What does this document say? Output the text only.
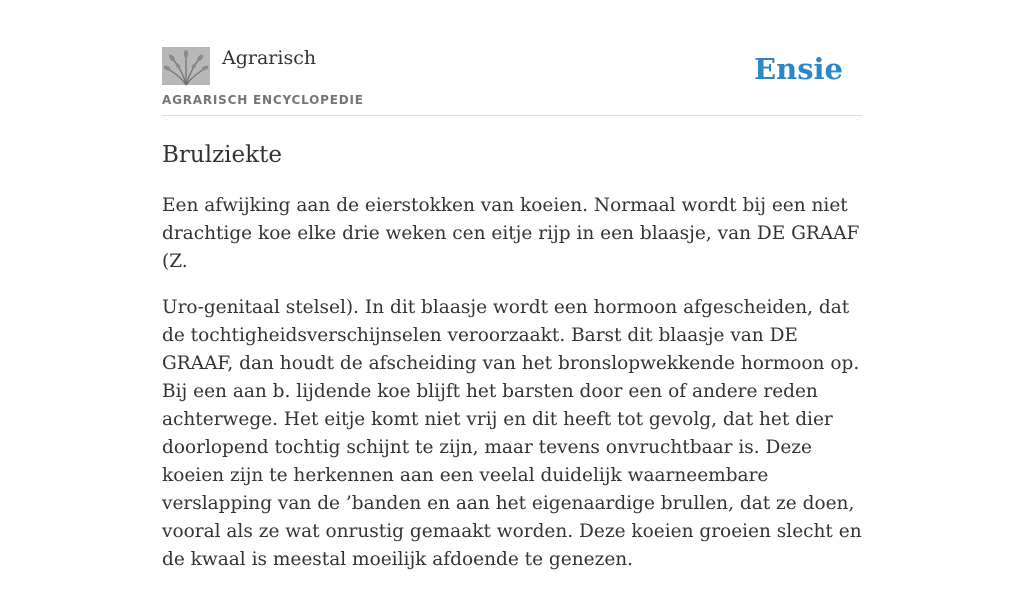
Agrarisch
AGRARISCH ENCYCLOPEDIE
Ensie
Brulziekte

Een afwijking aan de eierstokken van koeien. Normaal wordt bij een niet drachtige koe elke drie weken cen eitje rijp in een blaasje, van DE GRAAF (Z.

Uro-genitaal stelsel). In dit blaasje wordt een hormoon afgescheiden, dat de tochtigheidsverschijnselen veroorzaakt. Barst dit blaasje van DE GRAAF, dan houdt de afscheiding van het bronslopwekkende hormoon op. Bij een aan b. lijdende koe blijft het barsten door een of andere reden achterwege. Het eitje komt niet vrij en dit heeft tot gevolg, dat het dier doorlopend tochtig schijnt te zijn, maar tevens onvruchtbaar is. Deze koeien zijn te herkennen aan een veelal duidelijk waarneembare verslapping van de ’banden en aan het eigenaardige brullen, dat ze doen, vooral als ze wat onrustig gemaakt worden. Deze koeien groeien slecht en de kwaal is meestal moeilijk afdoende te genezen.
